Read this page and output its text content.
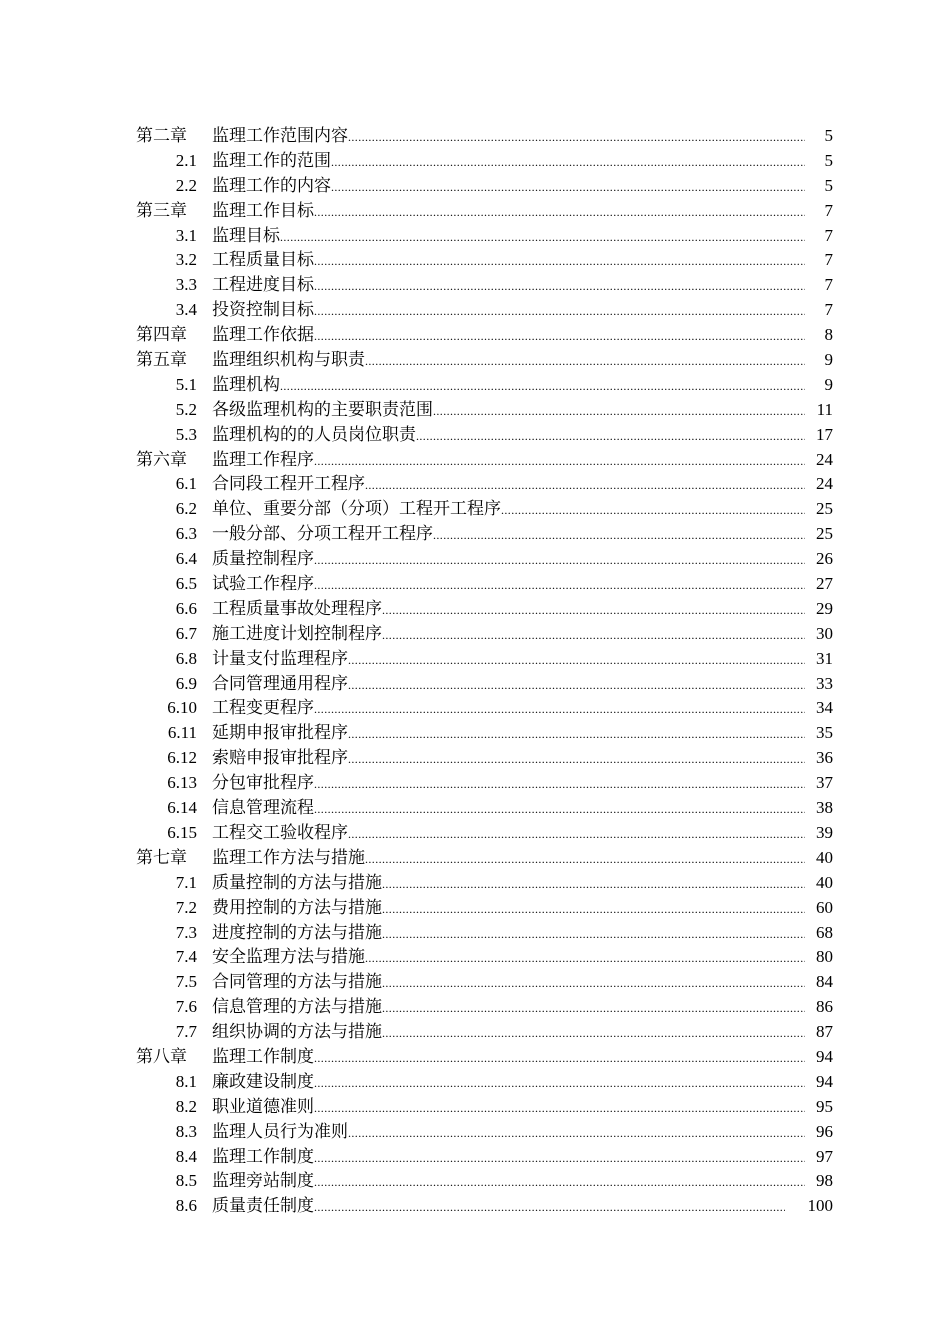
第二章 监理工作范围内容 .....	5
2.1 监理工作的范围 .....	5
2.2 监理工作的内容 .....	5
第三章 监理工作目标 .....	7
3.1 监理目标 .....	7
3.2 工程质量目标 .....	7
3.3 工程进度目标 .....	7
3.4 投资控制目标 .....	7
第四章 监理工作依据 .....	8
第五章 监理组织机构与职责 .....	9
5.1 监理机构 .....	9
5.2 各级监理机构的主要职责范围 .....	11
5.3 监理机构的的人员岗位职责 .....	17
第六章 监理工作程序 .....	24
6.1 合同段工程开工程序 .....	24
6.2 单位、重要分部（分项）工程开工程序 .....	25
6.3 一般分部、分项工程开工程序 .....	25
6.4 质量控制程序 .....	26
6.5 试验工作程序 .....	27
6.6 工程质量事故处理程序 .....	29
6.7 施工进度计划控制程序 .....	30
6.8 计量支付监理程序 .....	31
6.9 合同管理通用程序 .....	33
6.10 工程变更程序 .....	34
6.11 延期申报审批程序 .....	35
6.12 索赔申报审批程序 .....	36
6.13 分包审批程序 .....	37
6.14 信息管理流程 .....	38
6.15 工程交工验收程序 .....	39
第七章 监理工作方法与措施 .....	40
7.1 质量控制的方法与措施 .....	40
7.2 费用控制的方法与措施 .....	60
7.3 进度控制的方法与措施 .....	68
7.4 安全监理方法与措施 .....	80
7.5 合同管理的方法与措施 .....	84
7.6 信息管理的方法与措施 .....	86
7.7 组织协调的方法与措施 .....	87
第八章 监理工作制度 .....	94
8.1 廉政建设制度 .....	94
8.2 职业道德准则 .....	95
8.3 监理人员行为准则 .....	96
8.4 监理工作制度 .....	97
8.5 监理旁站制度 .....	98
8.6 质量责任制度 .....	100
